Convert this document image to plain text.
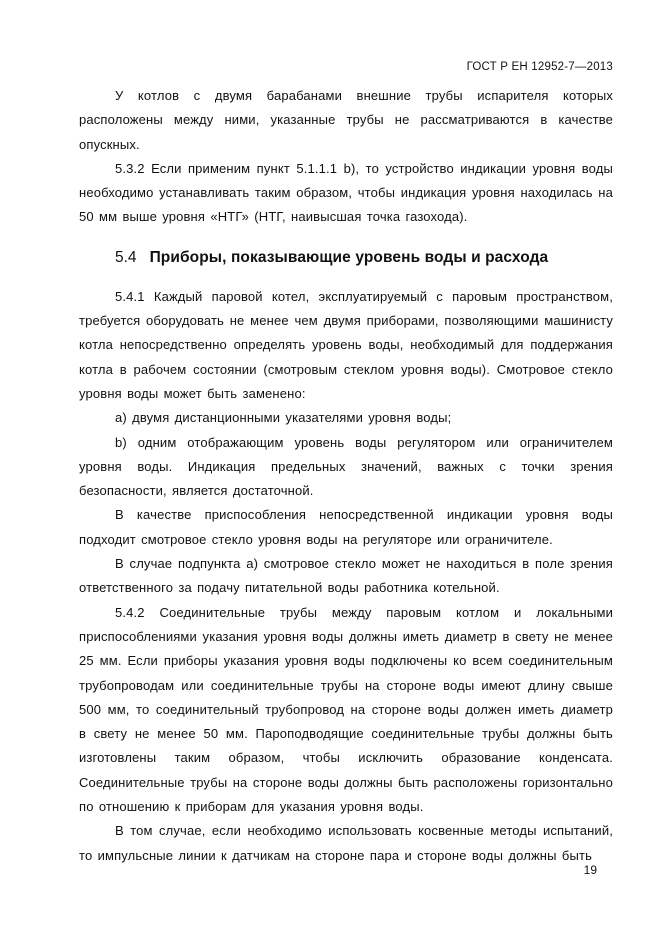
ГОСТ Р ЕН 12952-7—2013

У котлов с двумя барабанами внешние трубы испарителя которых расположены между ними, указанные трубы не рассматриваются в качестве опускных.

5.3.2 Если применим пункт 5.1.1.1 b), то устройство индикации уровня воды необходимо устанавливать таким образом, чтобы индикация уровня находилась на 50 мм выше уровня «НТГ» (НТГ, наивысшая точка газохода).

5.4 Приборы, показывающие уровень воды и расхода

5.4.1 Каждый паровой котел, эксплуатируемый с паровым пространством, требуется оборудовать не менее чем двумя приборами, позволяющими машинисту котла непосредственно определять уровень воды, необходимый для поддержания котла в рабочем состоянии (смотровым стеклом уровня воды). Смотровое стекло уровня воды может быть заменено:

a) двумя дистанционными указателями уровня воды;

b) одним отображающим уровень воды регулятором или ограничителем уровня воды. Индикация предельных значений, важных с точки зрения безопасности, является достаточной.

В качестве приспособления непосредственной индикации уровня воды подходит смотровое стекло уровня воды на регуляторе или ограничителе.

В случае подпункта a) смотровое стекло может не находиться в поле зрения ответственного за подачу питательной воды работника котельной.

5.4.2 Соединительные трубы между паровым котлом и локальными приспособлениями указания уровня воды должны иметь диаметр в свету не менее 25 мм. Если приборы указания уровня воды подключены ко всем соединительным трубопроводам или соединительные трубы на стороне воды имеют длину свыше 500 мм, то соединительный трубопровод на стороне воды должен иметь диаметр в свету не менее 50 мм. Пароподводящие соединительные трубы должны быть изготовлены таким образом, чтобы исключить образование конденсата. Соединительные трубы на стороне воды должны быть расположены горизонтально по отношению к приборам для указания уровня воды.

В том случае, если необходимо использовать косвенные методы испытаний, то импульсные линии к датчикам на стороне пара и стороне воды должны быть

19
